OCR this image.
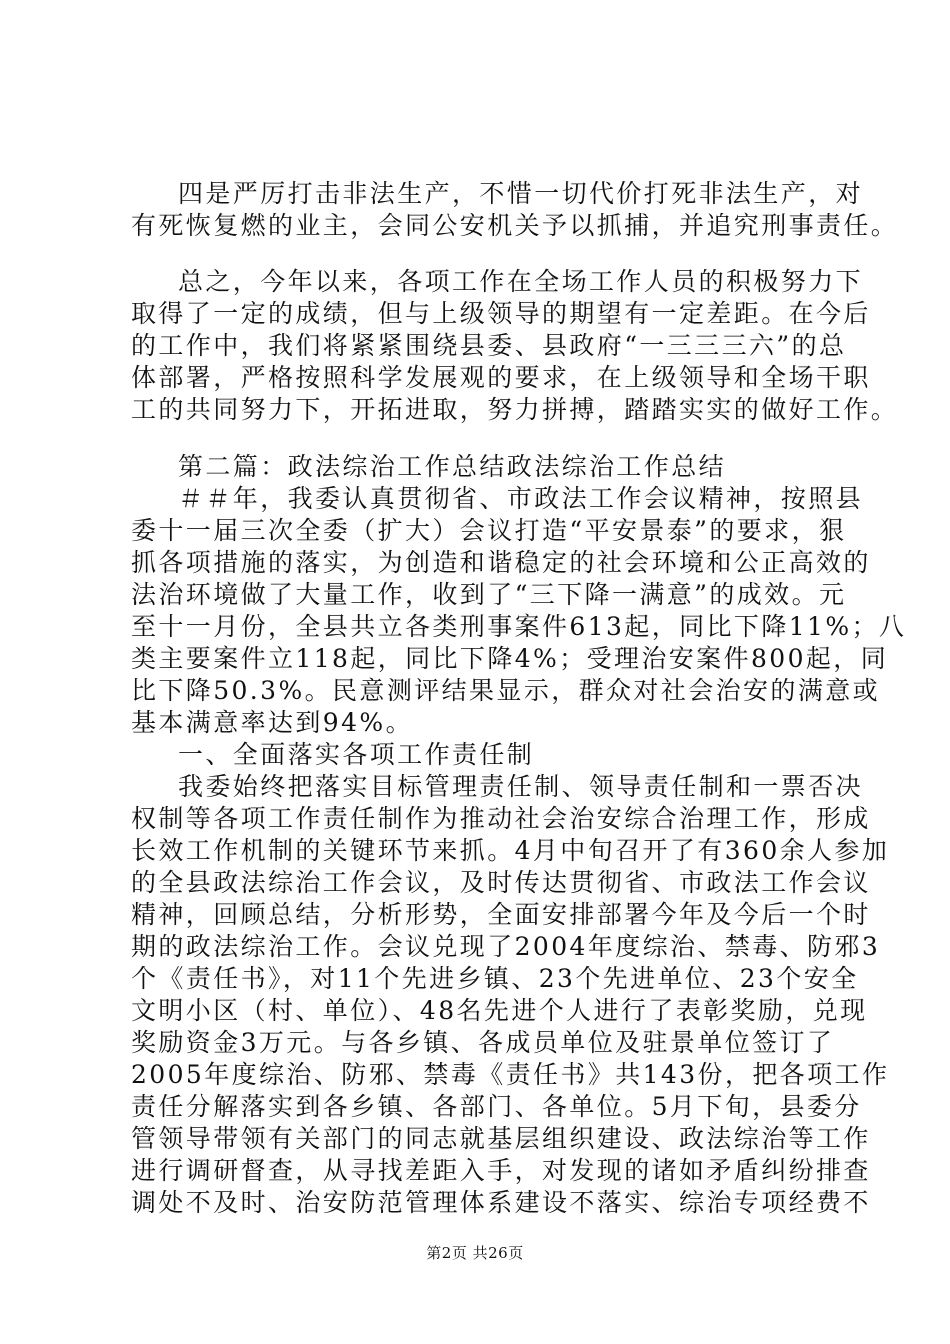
四是严厉打击非法生产，不惜一切代价打死非法生产，对
有死恢复燃的业主，会同公安机关予以抓捕，并追究刑事责任。
总之，今年以来，各项工作在全场工作人员的积极努力下
取得了一定的成绩，但与上级领导的期望有一定差距。在今后
的工作中，我们将紧紧围绕县委、县政府“一三三三六”的总
体部署，严格按照科学发展观的要求，在上级领导和全场干职
工的共同努力下，开拓进取，努力拼搏，踏踏实实的做好工作。
第二篇：政法综治工作总结政法综治工作总结
＃＃年，我委认真贯彻省、市政法工作会议精神，按照县
委十一届三次全委（扩大）会议打造“平安景泰”的要求，狠
抓各项措施的落实，为创造和谐稳定的社会环境和公正高效的
法治环境做了大量工作，收到了“三下降一满意”的成效。元
至十一月份，全县共立各类刑事案件613起，同比下降11%；八
类主要案件立118起，同比下降4%；受理治安案件800起，同
比下降50.3%。民意测评结果显示，群众对社会治安的满意或
基本满意率达到94%。
一、全面落实各项工作责任制
我委始终把落实目标管理责任制、领导责任制和一票否决
权制等各项工作责任制作为推动社会治安综合治理工作，形成
长效工作机制的关键环节来抓。4月中旬召开了有360余人参加
的全县政法综治工作会议，及时传达贯彻省、市政法工作会议
精神，回顾总结，分析形势，全面安排部署今年及今后一个时
期的政法综治工作。会议兑现了2004年度综治、禁毒、防邪3
个《责任书》，对11个先进乡镇、23个先进单位、23个安全
文明小区（村、单位）、48名先进个人进行了表彰奖励，兑现
奖励资金3万元。与各乡镇、各成员单位及驻景单位签订了
2005年度综治、防邪、禁毒《责任书》共143份，把各项工作
责任分解落实到各乡镇、各部门、各单位。5月下旬，县委分
管领导带领有关部门的同志就基层组织建设、政法综治等工作
进行调研督查，从寻找差距入手，对发现的诸如矛盾纠纷排查
调处不及时、治安防范管理体系建设不落实、综治专项经费不
第2页 共26页
